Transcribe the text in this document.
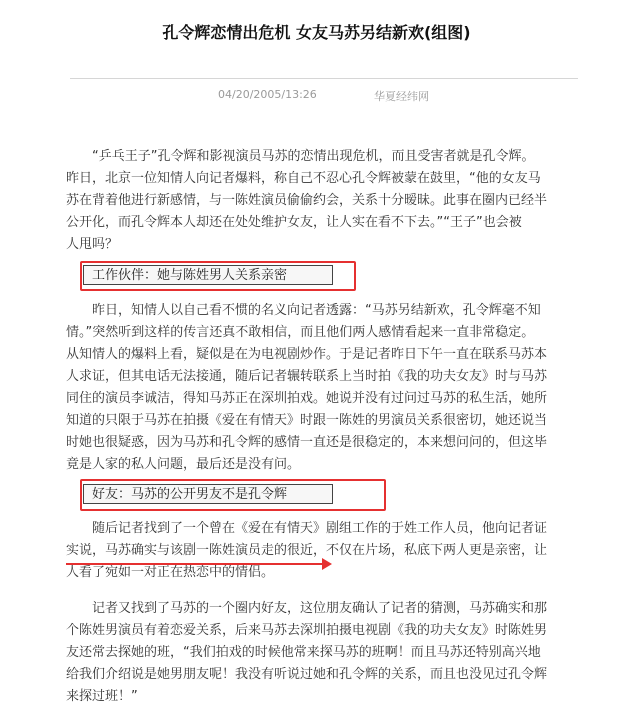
孔令辉恋情出危机 女友马苏另结新欢(组图)
04/20/2005/13:26	华夏经纬网
“乒乓王子”孔令辉和影视演员马苏的恋情出现危机，而且受害者就是孔令辉。
昨日，北京一位知情人向记者爆料，称自己不忍心孔令辉被蒙在鼓里，“他的女友马
苏在背着他进行新感情，与一陈姓演员偷偷约会，关系十分暧昧。此事在圈内已经半
公开化，而孔令辉本人却还在处处维护女友，让人实在看不下去。”“王子”也会被
人甩吗？
工作伙伴：她与陈姓男人关系亲密
昨日，知情人以自己看不惯的名义向记者透露：“马苏另结新欢，孔令辉毫不知
情。”突然听到这样的传言还真不敢相信，而且他们两人感情看起来一直非常稳定。
从知情人的爆料上看，疑似是在为电视剧炒作。于是记者昨日下午一直在联系马苏本
人求证，但其电话无法接通，随后记者辗转联系上当时拍《我的功夫女友》时与马苏
同住的演员李诚洁，得知马苏正在深圳拍戏。她说并没有过问过马苏的私生活，她所
知道的只限于马苏在拍摄《爱在有情天》时跟一陈姓的男演员关系很密切，她还说当
时她也很疑惑，因为马苏和孔令辉的感情一直还是很稳定的，本来想问问的，但这毕
竟是人家的私人问题，最后还是没有问。
好友：马苏的公开男友不是孔令辉
随后记者找到了一个曾在《爱在有情天》剧组工作的于姓工作人员，他向记者证
实说，马苏确实与该剧一陈姓演员走的很近，不仅在片场，私底下两人更是亲密，让
人看了宛如一对正在热恋中的情侣。
记者又找到了马苏的一个圈内好友，这位朋友确认了记者的猜测，马苏确实和那
个陈姓男演员有着恋爱关系，后来马苏去深圳拍摄电视剧《我的功夫女友》时陈姓男
友还常去探她的班，“我们拍戏的时候他常来探马苏的班啊！而且马苏还特别高兴地
给我们介绍说是她男朋友呢！我没有听说过她和孔令辉的关系，而且也没见过孔令辉
来探过班！”
